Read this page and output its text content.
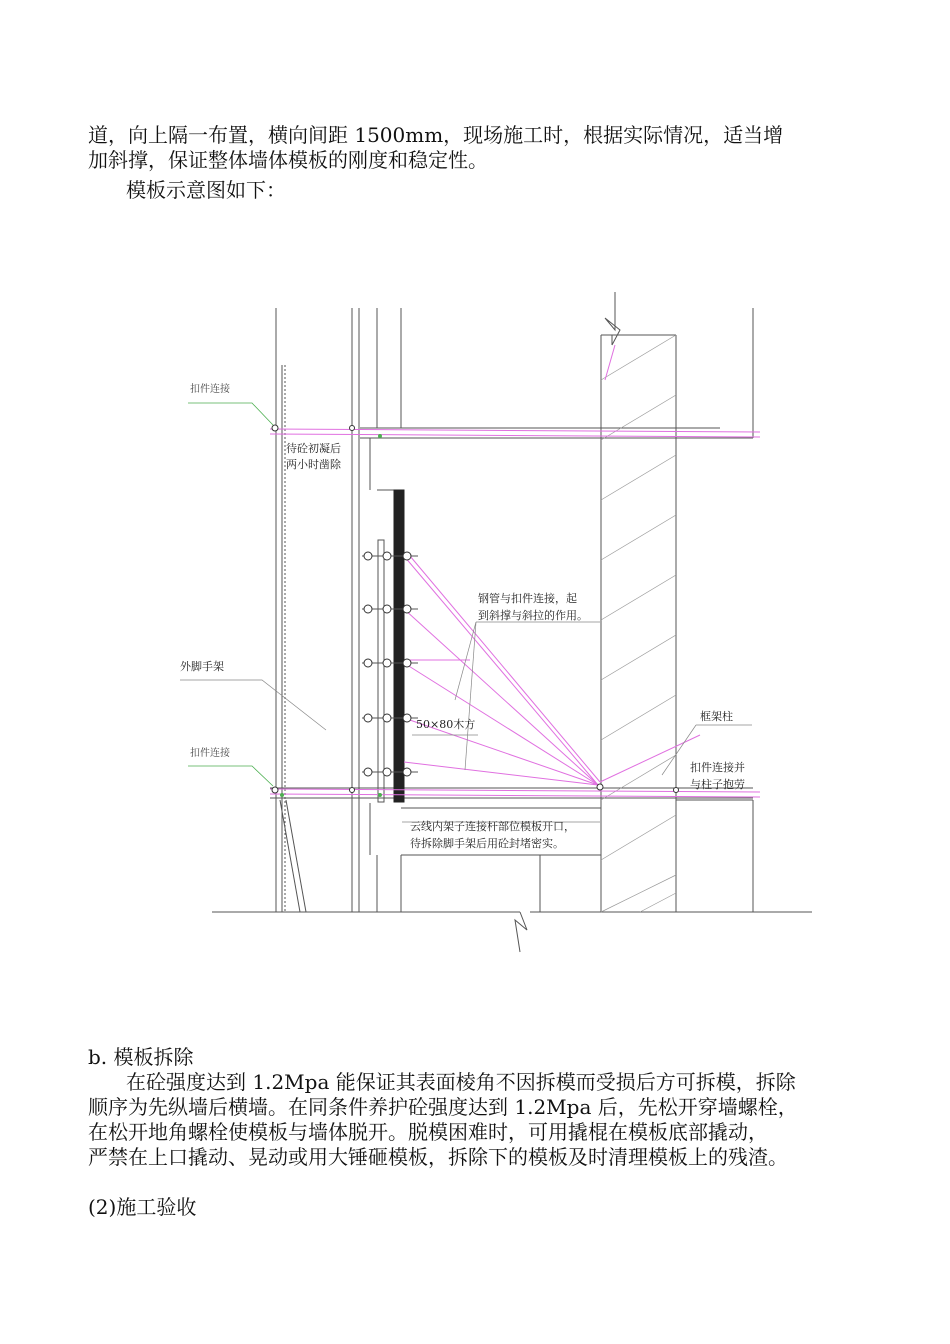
道，向上隔一布置，横向间距 1500mm，现场施工时，根据实际情况，适当增
加斜撑，保证整体墙体模板的刚度和稳定性。

模板示意图如下：

扣件连接
扣件连接
待砼初凝后
两小时凿除
钢管与扣件连接，起
到斜撑与斜拉的作用。
外脚手架
50×80木方
框架柱
扣件连接并
与柱子抱劳
云线内架子连接杆部位模板开口，
待拆除脚手架后用砼封堵密实。

b. 模板拆除

在砼强度达到 1.2Mpa 能保证其表面棱角不因拆模而受损后方可拆模，拆除
顺序为先纵墙后横墙。在同条件养护砼强度达到 1.2Mpa 后，先松开穿墙螺栓，
在松开地角螺栓使模板与墙体脱开。脱模困难时，可用撬棍在模板底部撬动，
严禁在上口撬动、晃动或用大锤砸模板，拆除下的模板及时清理模板上的残渣。

(2)施工验收
